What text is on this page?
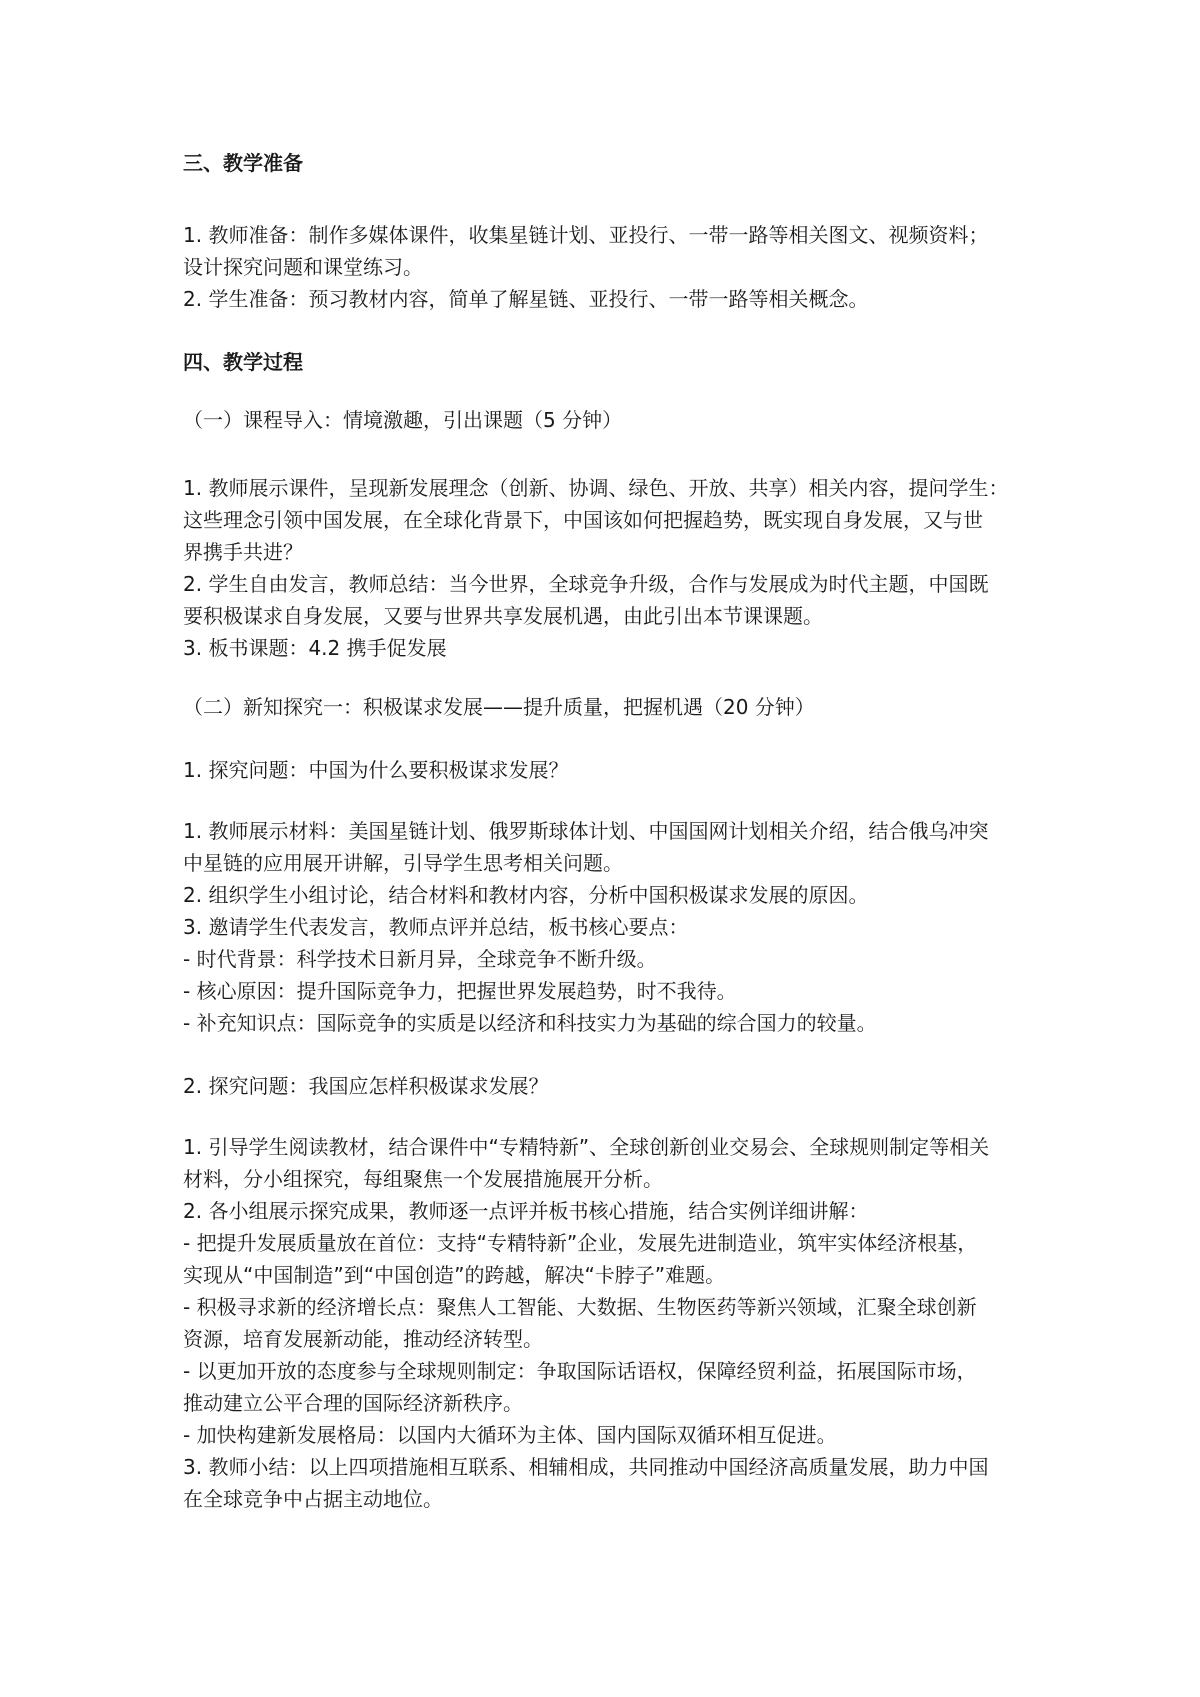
三、教学准备
1. 教师准备：制作多媒体课件，收集星链计划、亚投行、一带一路等相关图文、视频资料；
设计探究问题和课堂练习。
2. 学生准备：预习教材内容，简单了解星链、亚投行、一带一路等相关概念。
四、教学过程
（一）课程导入：情境激趣，引出课题（5 分钟）
1. 教师展示课件，呈现新发展理念（创新、协调、绿色、开放、共享）相关内容，提问学生：
这些理念引领中国发展，在全球化背景下，中国该如何把握趋势，既实现自身发展，又与世
界携手共进？
2. 学生自由发言，教师总结：当今世界，全球竞争升级，合作与发展成为时代主题，中国既
要积极谋求自身发展，又要与世界共享发展机遇，由此引出本节课课题。
3. 板书课题：4.2 携手促发展
（二）新知探究一：积极谋求发展——提升质量，把握机遇（20 分钟）
1. 探究问题：中国为什么要积极谋求发展？
1. 教师展示材料：美国星链计划、俄罗斯球体计划、中国国网计划相关介绍，结合俄乌冲突
中星链的应用展开讲解，引导学生思考相关问题。
2. 组织学生小组讨论，结合材料和教材内容，分析中国积极谋求发展的原因。
3. 邀请学生代表发言，教师点评并总结，板书核心要点：
- 时代背景：科学技术日新月异，全球竞争不断升级。
- 核心原因：提升国际竞争力，把握世界发展趋势，时不我待。
- 补充知识点：国际竞争的实质是以经济和科技实力为基础的综合国力的较量。
2. 探究问题：我国应怎样积极谋求发展？
1. 引导学生阅读教材，结合课件中“专精特新”、全球创新创业交易会、全球规则制定等相关
材料，分小组探究，每组聚焦一个发展措施展开分析。
2. 各小组展示探究成果，教师逐一点评并板书核心措施，结合实例详细讲解：
- 把提升发展质量放在首位：支持“专精特新”企业，发展先进制造业，筑牢实体经济根基，
实现从“中国制造”到“中国创造”的跨越，解决“卡脖子”难题。
- 积极寻求新的经济增长点：聚焦人工智能、大数据、生物医药等新兴领域，汇聚全球创新
资源，培育发展新动能，推动经济转型。
- 以更加开放的态度参与全球规则制定：争取国际话语权，保障经贸利益，拓展国际市场，
推动建立公平合理的国际经济新秩序。
- 加快构建新发展格局：以国内大循环为主体、国内国际双循环相互促进。
3. 教师小结：以上四项措施相互联系、相辅相成，共同推动中国经济高质量发展，助力中国
在全球竞争中占据主动地位。
